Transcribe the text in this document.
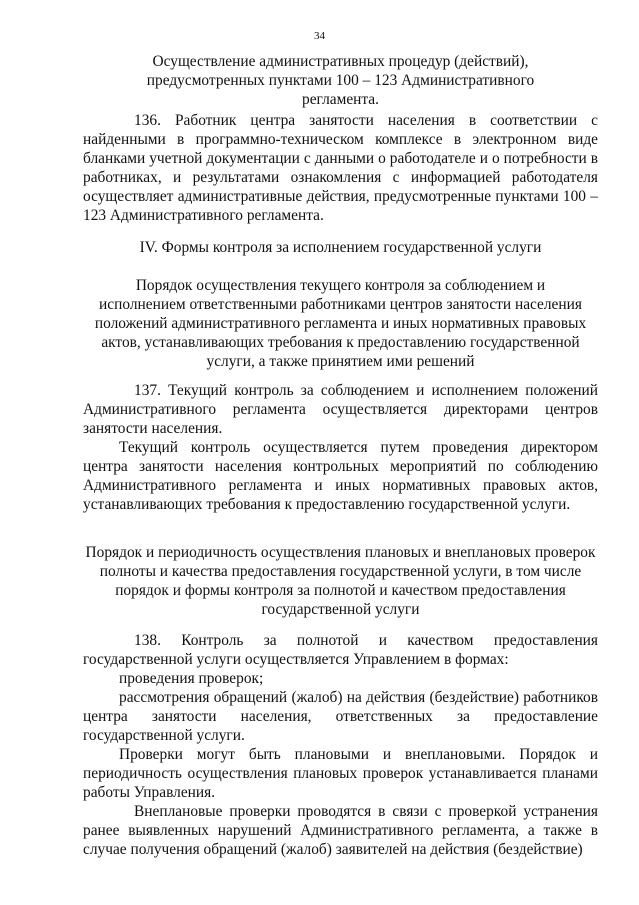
34

Осуществление административных процедур (действий), предусмотренных пунктами 100 – 123 Административного регламента.

136. Работник центра занятости населения в соответствии с найденными в программно-техническом комплексе в электронном виде бланками учетной документации с данными о работодателе и о потребности в работниках, и результатами ознакомления с информацией работодателя осуществляет административные действия, предусмотренные пунктами 100 – 123 Административного регламента.

IV. Формы контроля за исполнением государственной услуги

Порядок осуществления текущего контроля за соблюдением и исполнением ответственными работниками центров занятости населения положений административного регламента и иных нормативных правовых актов, устанавливающих требования к предоставлению государственной услуги, а также принятием ими решений

137. Текущий контроль за соблюдением и исполнением положений Административного регламента осуществляется директорами центров занятости населения.

Текущий контроль осуществляется путем проведения директором центра занятости населения контрольных мероприятий по соблюдению Административного регламента и иных нормативных правовых актов, устанавливающих требования к предоставлению государственной услуги.

Порядок и периодичность осуществления плановых и внеплановых проверок полноты и качества предоставления государственной услуги, в том числе порядок и формы контроля за полнотой и качеством предоставления государственной услуги

138. Контроль за полнотой и качеством предоставления государственной услуги осуществляется Управлением в формах:

проведения проверок;

рассмотрения обращений (жалоб) на действия (бездействие) работников центра занятости населения, ответственных за предоставление государственной услуги.

Проверки могут быть плановыми и внеплановыми. Порядок и периодичность осуществления плановых проверок устанавливается планами работы Управления.

Внеплановые проверки проводятся в связи с проверкой устранения ранее выявленных нарушений Административного регламента, а также в случае получения обращений (жалоб) заявителей на действия (бездействие)
